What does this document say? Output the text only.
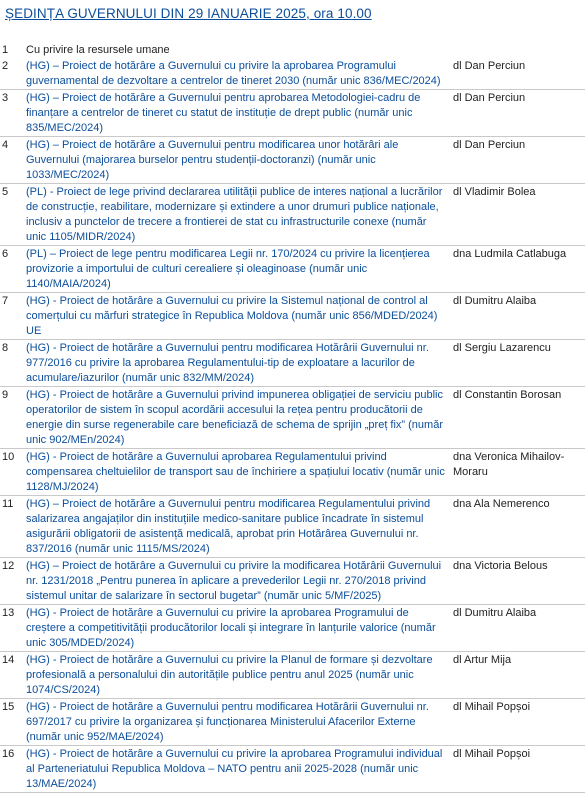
ȘEDINȚA GUVERNULUI DIN 29 IANUARIE 2025, ora 10.00
1	Cu privire la resursele umane	
2	(HG) – Proiect de hotărâre a Guvernului cu privire la aprobarea Programului guvernamental de dezvoltare a centrelor de tineret 2030 (număr unic 836/MEC/2024)	dl Dan Perciun
3	(HG) – Proiect de hotărâre a Guvernului pentru aprobarea Metodologiei-cadru de finanțare a centrelor de tineret cu statut de instituție de drept public (număr unic 835/MEC/2024)	dl Dan Perciun
4	(HG) – Proiect de hotărâre a Guvernului pentru modificarea unor hotărâri ale Guvernului (majorarea burselor pentru studenții-doctoranzi) (număr unic 1033/MEC/2024)	dl Dan Perciun
5	(PL) - Proiect de lege privind declararea utilității publice de interes național a lucrărilor de construcție, reabilitare, modernizare și extindere a unor drumuri publice naționale, inclusiv a punctelor de trecere a frontierei de stat cu infrastructurile conexe (număr unic 1105/MIDR/2024)	dl Vladimir Bolea
6	(PL) – Proiect de lege pentru modificarea Legii nr. 170/2024 cu privire la licențierea provizorie a importului de culturi cerealiere și oleaginoase (număr unic 1140/MAIA/2024)	dna Ludmila Catlabuga
7	(HG) - Proiect de hotărâre a Guvernului cu privire la Sistemul național de control al comerțului cu mărfuri strategice în Republica Moldova (număr unic 856/MDED/2024) UE	dl Dumitru Alaiba
8	(HG) - Proiect de hotărâre a Guvernului pentru modificarea Hotărârii Guvernului nr. 977/2016 cu privire la aprobarea Regulamentului-tip de exploatare a lacurilor de acumulare/iazurilor (număr unic 832/MM/2024)	dl Sergiu Lazarencu
9	(HG) - Proiect de hotărâre a Guvernului privind impunerea obligației de serviciu public operatorilor de sistem în scopul acordării accesului la rețea pentru producătorii de energie din surse regenerabile care beneficiază de schema de sprijin „preț fix” (număr unic 902/MEn/2024)	dl Constantin Borosan
10	(HG) - Proiect de hotărâre a Guvernului aprobarea Regulamentului privind compensarea cheltuielilor de transport sau de închiriere a spațiului locativ (număr unic 1128/MJ/2024)	dna Veronica Mihailov-Moraru
11	(HG) – Proiect de hotărâre a Guvernului pentru modificarea Regulamentului privind salarizarea angajaților din instituțiile medico-sanitare publice încadrate în sistemul asigurării obligatorii de asistență medicală, aprobat prin Hotărârea Guvernului nr. 837/2016 (număr unic 1115/MS/2024)	dna Ala Nemerenco
12	(HG) – Proiect de hotărâre a Guvernului cu privire la modificarea Hotărârii Guvernului nr. 1231/2018 „Pentru punerea în aplicare a prevederilor Legii nr. 270/2018 privind sistemul unitar de salarizare în sectorul bugetar” (număr unic 5/MF/2025)	dna Victoria Belous
13	(HG) - Proiect de hotărâre a Guvernului cu privire la aprobarea Programului de creștere a competitivității producătorilor locali și integrare în lanțurile valorice (număr unic 305/MDED/2024)	dl Dumitru Alaiba
14	(HG) - Proiect de hotărâre a Guvernului cu privire la Planul de formare și dezvoltare profesională a personalului din autoritățile publice pentru anul 2025 (număr unic 1074/CS/2024)	dl Artur Mija
15	(HG) - Proiect de hotărâre a Guvernului pentru modificarea Hotărârii Guvernului nr. 697/2017 cu privire la organizarea și funcționarea Ministerului Afacerilor Externe (număr unic 952/MAE/2024)	dl Mihail Popșoi
16	(HG) - Proiect de hotărâre a Guvernului cu privire la aprobarea Programului individual al Parteneriatului Republica Moldova – NATO pentru anii 2025-2028 (număr unic 13/MAE/2024)	dl Mihail Popșoi
